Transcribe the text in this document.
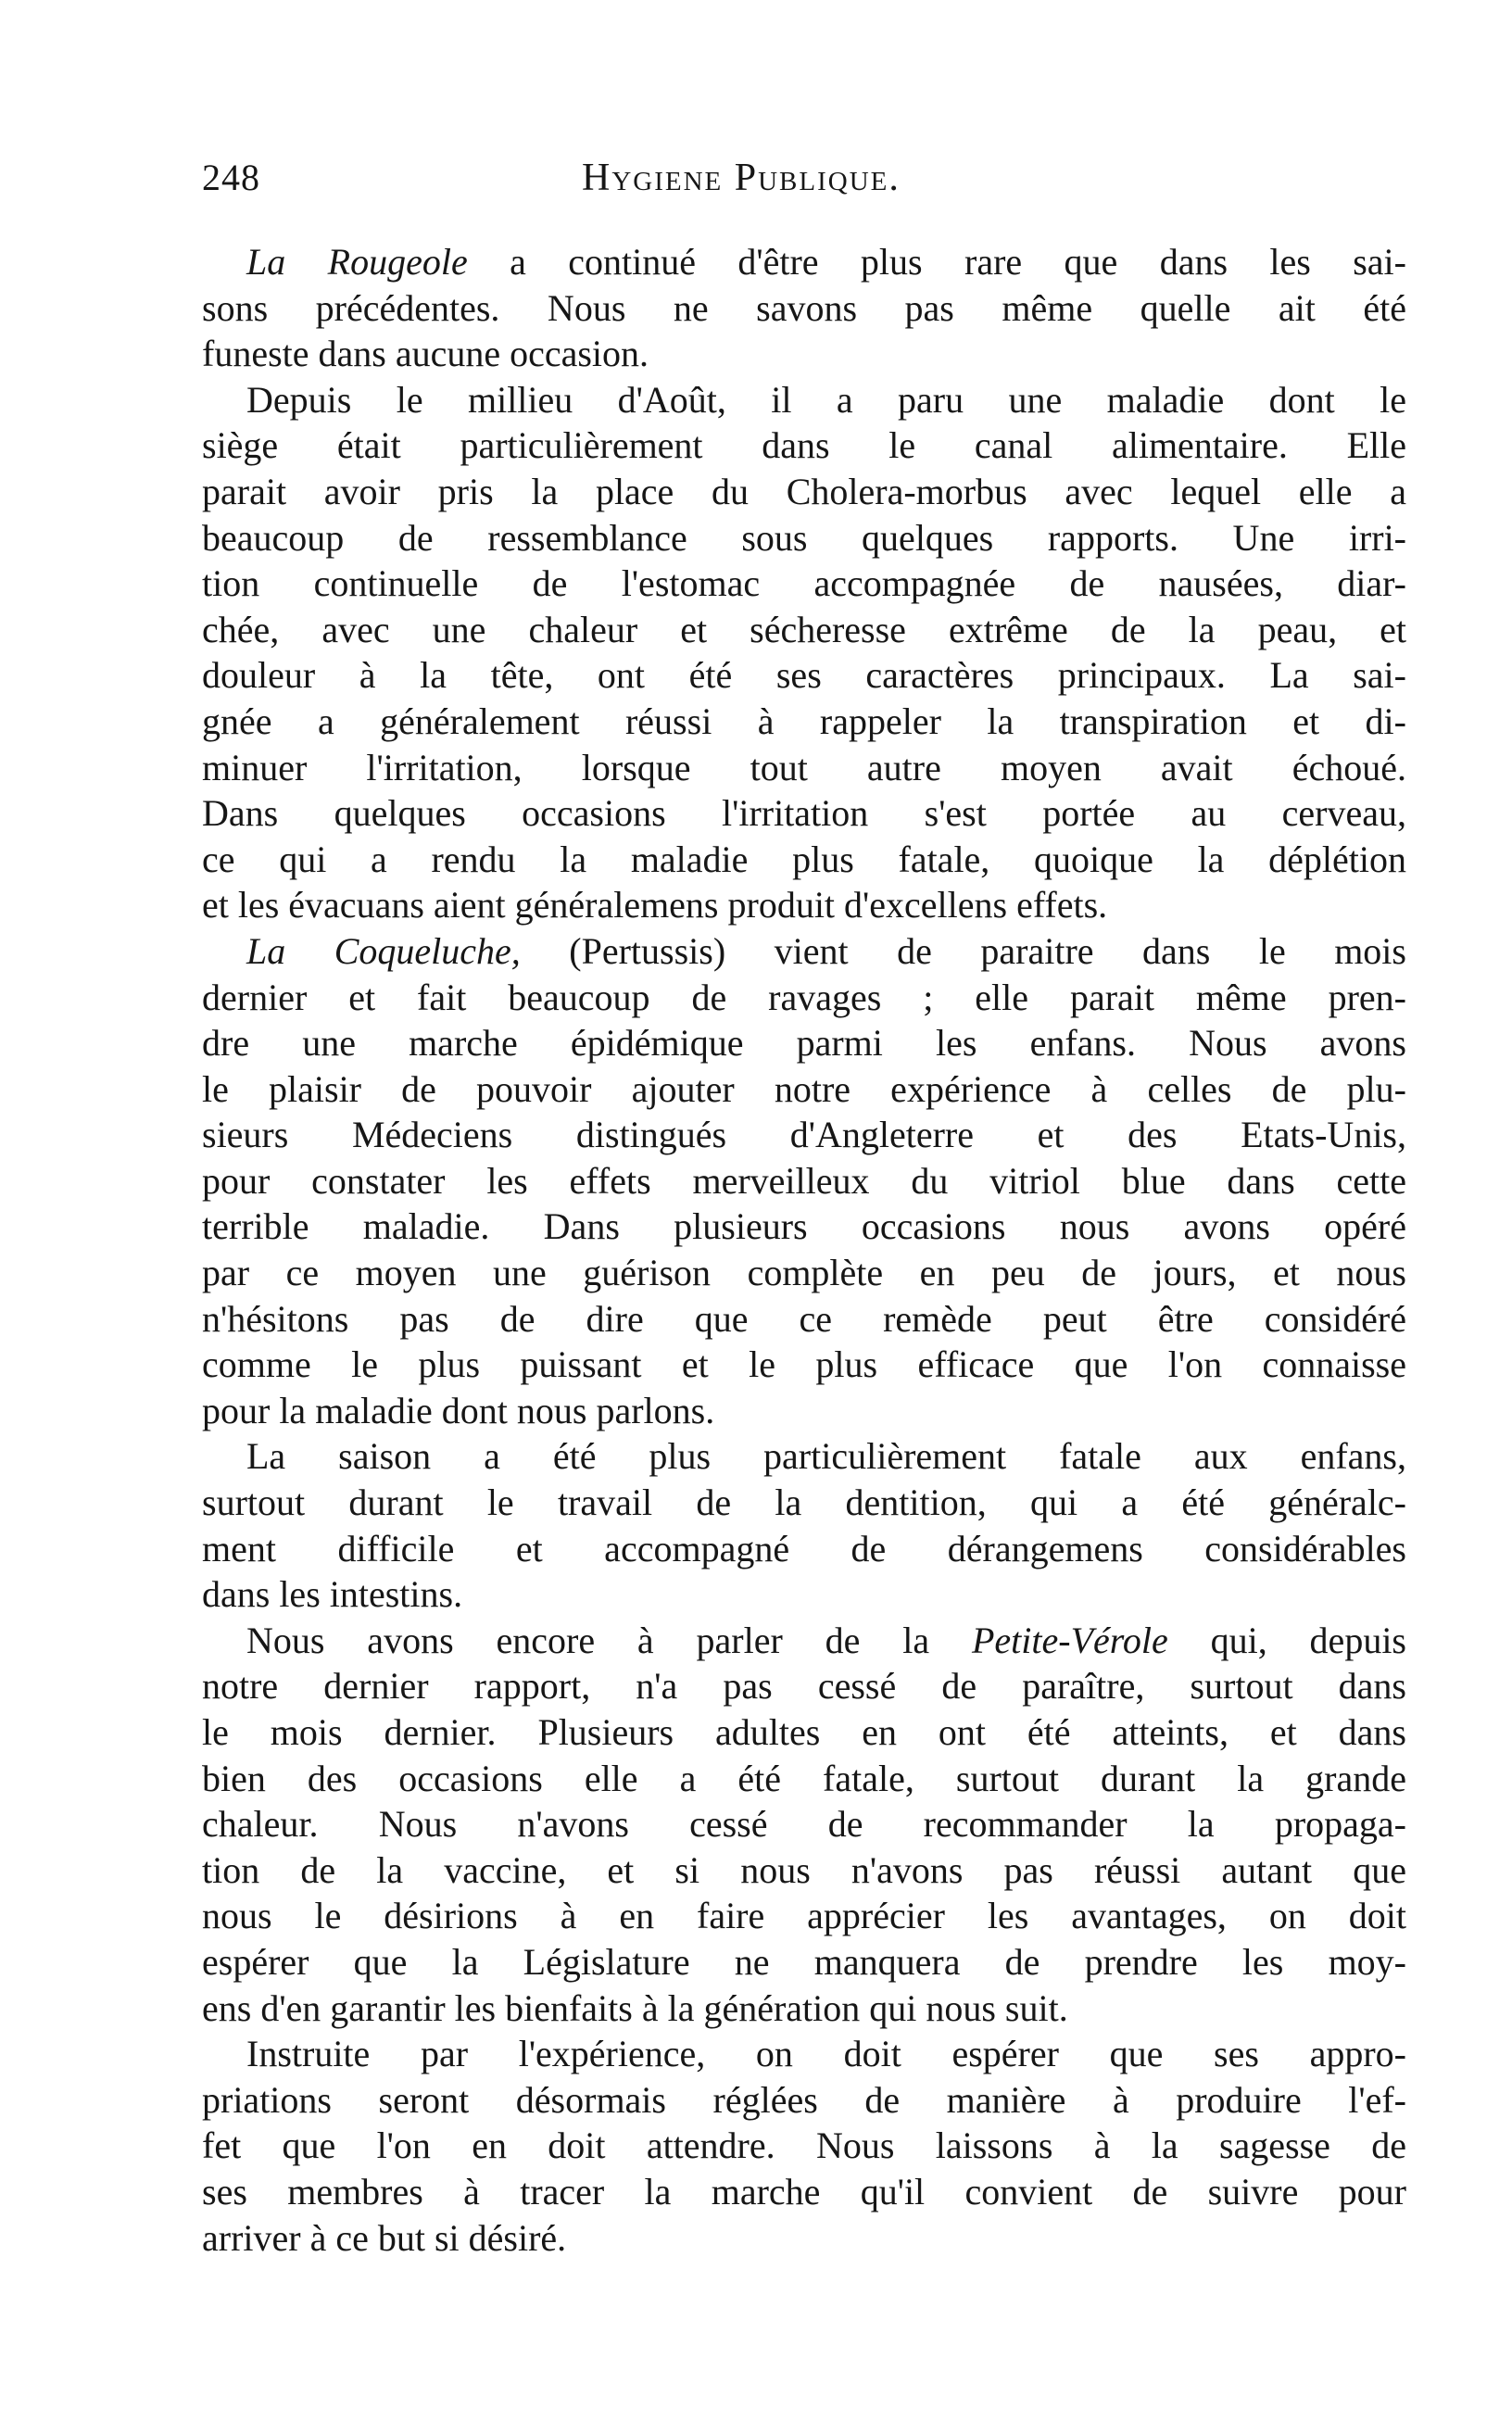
248	Hygiene Publique.
La Rougeole a continué d'être plus rare que dans les sai-
sons précédentes. Nous ne savons pas même quelle ait été
funeste dans aucune occasion.
Depuis le millieu d'Août, il a paru une maladie dont le
siège était particulièrement dans le canal alimentaire. Elle
parait avoir pris la place du Cholera-morbus avec lequel elle a
beaucoup de ressemblance sous quelques rapports. Une irri-
tion continuelle de l'estomac accompagnée de nausées, diar-
chée, avec une chaleur et sécheresse extrême de la peau, et
douleur à la tête, ont été ses caractères principaux. La sai-
gnée a généralement réussi à rappeler la transpiration et di-
minuer l'irritation, lorsque tout autre moyen avait échoué.
Dans quelques occasions l'irritation s'est portée au cerveau,
ce qui a rendu la maladie plus fatale, quoique la déplétion
et les évacuans aient généralemens produit d'excellens effets.
La Coqueluche, (Pertussis) vient de paraitre dans le mois
dernier et fait beaucoup de ravages ; elle parait même pren-
dre une marche épidémique parmi les enfans. Nous avons
le plaisir de pouvoir ajouter notre expérience à celles de plu-
sieurs Médeciens distingués d'Angleterre et des Etats-Unis,
pour constater les effets merveilleux du vitriol blue dans cette
terrible maladie. Dans plusieurs occasions nous avons opéré
par ce moyen une guérison complète en peu de jours, et nous
n'hésitons pas de dire que ce remède peut être considéré
comme le plus puissant et le plus efficace que l'on connaisse
pour la maladie dont nous parlons.
La saison a été plus particulièrement fatale aux enfans,
surtout durant le travail de la dentition, qui a été généralc-
ment difficile et accompagné de dérangemens considérables
dans les intestins.
Nous avons encore à parler de la Petite-Vérole qui, depuis
notre dernier rapport, n'a pas cessé de paraître, surtout dans
le mois dernier. Plusieurs adultes en ont été atteints, et dans
bien des occasions elle a été fatale, surtout durant la grande
chaleur. Nous n'avons cessé de recommander la propaga-
tion de la vaccine, et si nous n'avons pas réussi autant que
nous le désirions à en faire apprécier les avantages, on doit
espérer que la Législature ne manquera de prendre les moy-
ens d'en garantir les bienfaits à la génération qui nous suit.
Instruite par l'expérience, on doit espérer que ses appro-
priations seront désormais réglées de manière à produire l'ef-
fet que l'on en doit attendre. Nous laissons à la sagesse de
ses membres à tracer la marche qu'il convient de suivre pour
arriver à ce but si désiré.
